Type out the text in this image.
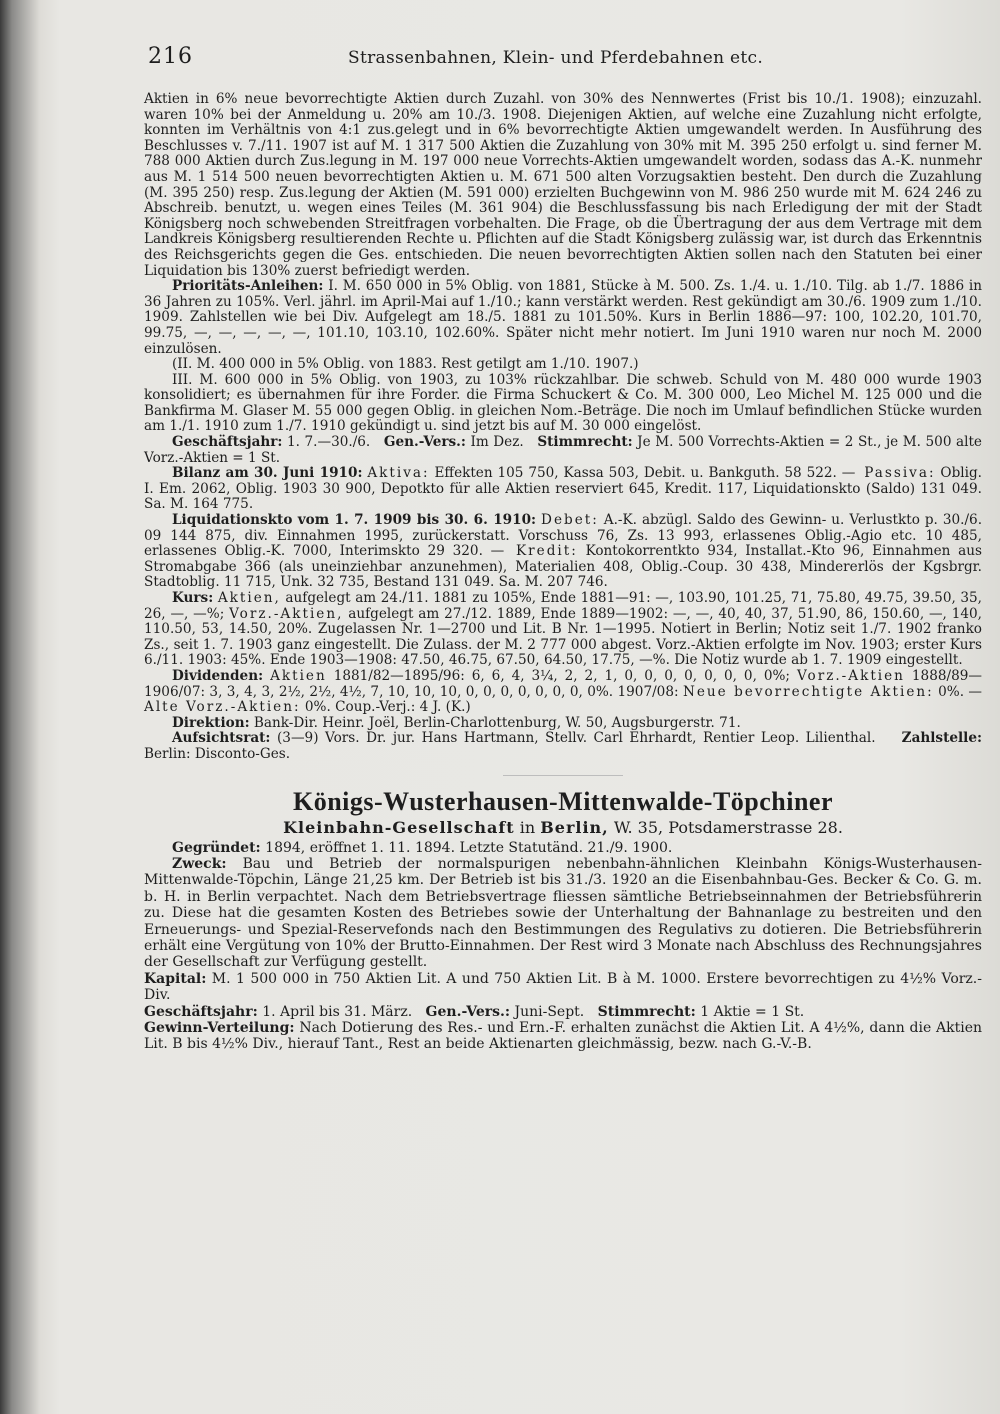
216	Strassenbahnen, Klein- und Pferdebahnen etc.

Aktien in 6% neue bevorrechtigte Aktien durch Zuzahl. von 30% des Nennwertes (Frist bis 10./1. 1908); einzuzahl. waren 10% bei der Anmeldung u. 20% am 10./3. 1908. Diejenigen Aktien, auf welche eine Zuzahlung nicht erfolgte, konnten im Verhältnis von 4:1 zus.gelegt und in 6% bevorrechtigte Aktien umgewandelt werden. In Ausführung des Beschlusses v. 7./11. 1907 ist auf M. 1 317 500 Aktien die Zuzahlung von 30% mit M. 395 250 erfolgt u. sind ferner M. 788 000 Aktien durch Zus.legung in M. 197 000 neue Vorrechts-Aktien umgewandelt worden, sodass das A.-K. nunmehr aus M. 1 514 500 neuen bevorrechtigten Aktien u. M. 671 500 alten Vorzugsaktien besteht. Den durch die Zuzahlung (M. 395 250) resp. Zus.legung der Aktien (M. 591 000) erzielten Buchgewinn von M. 986 250 wurde mit M. 624 246 zu Abschreib. benutzt, u. wegen eines Teiles (M. 361 904) die Beschlussfassung bis nach Erledigung der mit der Stadt Königsberg noch schwebenden Streitfragen vorbehalten. Die Frage, ob die Übertragung der aus dem Vertrage mit dem Landkreis Königsberg resultierenden Rechte u. Pflichten auf die Stadt Königsberg zulässig war, ist durch das Erkenntnis des Reichsgerichts gegen die Ges. entschieden. Die neuen bevorrechtigten Aktien sollen nach den Statuten bei einer Liquidation bis 130% zuerst befriedigt werden.

Prioritäts-Anleihen: I. M. 650 000 in 5% Oblig. von 1881, Stücke à M. 500. Zs. 1./4. u. 1./10. Tilg. ab 1./7. 1886 in 36 Jahren zu 105%. Verl. jährl. im April-Mai auf 1./10.; kann verstärkt werden. Rest gekündigt am 30./6. 1909 zum 1./10. 1909. Zahlstellen wie bei Div. Aufgelegt am 18./5. 1881 zu 101.50%. Kurs in Berlin 1886—97: 100, 102.20, 101.70, 99.75, —, —, —, —, —, 101.10, 103.10, 102.60%. Später nicht mehr notiert. Im Juni 1910 waren nur noch M. 2000 einzulösen.

(II. M. 400 000 in 5% Oblig. von 1883. Rest getilgt am 1./10. 1907.)

III. M. 600 000 in 5% Oblig. von 1903, zu 103% rückzahlbar. Die schweb. Schuld von M. 480 000 wurde 1903 konsolidiert; es übernahmen für ihre Forder. die Firma Schuckert & Co. M. 300 000, Leo Michel M. 125 000 und die Bankfirma M. Glaser M. 55 000 gegen Oblig. in gleichen Nom.-Beträge. Die noch im Umlauf befindlichen Stücke wurden am 1./1. 1910 zum 1./7. 1910 gekündigt u. sind jetzt bis auf M. 30 000 eingelöst.

Geschäftsjahr: 1. 7.—30./6. Gen.-Vers.: Im Dez. Stimmrecht: Je M. 500 Vorrechts-Aktien = 2 St., je M. 500 alte Vorz.-Aktien = 1 St.

Bilanz am 30. Juni 1910: Aktiva: Effekten 105 750, Kassa 503, Debit. u. Bankguth. 58 522. — Passiva: Oblig. I. Em. 2062, Oblig. 1903 30 900, Depotkto für alle Aktien reserviert 645, Kredit. 117, Liquidationskto (Saldo) 131 049. Sa. M. 164 775.

Liquidationskto vom 1. 7. 1909 bis 30. 6. 1910: Debet: A.-K. abzügl. Saldo des Gewinn- u. Verlustkto p. 30./6. 09 144 875, div. Einnahmen 1995, zurückerstatt. Vorschuss 76, Zs. 13 993, erlassenes Oblig.-Agio etc. 10 485, erlassenes Oblig.-K. 7000, Interimskto 29 320. — Kredit: Kontokorrentkto 934, Installat.-Kto 96, Einnahmen aus Stromabgabe 366 (als uneinziehbar anzunehmen), Materialien 408, Oblig.-Coup. 30 438, Mindererlös der Kgsbrgr. Stadtoblig. 11 715, Unk. 32 735, Bestand 131 049. Sa. M. 207 746.

Kurs: Aktien, aufgelegt am 24./11. 1881 zu 105%, Ende 1881—91: —, 103.90, 101.25, 71, 75.80, 49.75, 39.50, 35, 26, —, —%; Vorz.-Aktien, aufgelegt am 27./12. 1889, Ende 1889—1902: —, —, 40, 40, 37, 51.90, 86, 150.60, —, 140, 110.50, 53, 14.50, 20%. Zugelassen Nr. 1—2700 und Lit. B Nr. 1—1995. Notiert in Berlin; Notiz seit 1./7. 1902 franko Zs., seit 1. 7. 1903 ganz eingestellt. Die Zulass. der M. 2 777 000 abgest. Vorz.-Aktien erfolgte im Nov. 1903; erster Kurs 6./11. 1903: 45%. Ende 1903—1908: 47.50, 46.75, 67.50, 64.50, 17.75, —%. Die Notiz wurde ab 1. 7. 1909 eingestellt.

Dividenden: Aktien 1881/82—1895/96: 6, 6, 4, 3¼, 2, 2, 1, 0, 0, 0, 0, 0, 0, 0, 0%; Vorz.-Aktien 1888/89—1906/07: 3, 3, 4, 3, 2½, 2½, 4½, 7, 10, 10, 10, 0, 0, 0, 0, 0, 0, 0, 0%. 1907/08: Neue bevorrechtigte Aktien: 0%. — Alte Vorz.-Aktien: 0%. Coup.-Verj.: 4 J. (K.)

Direktion: Bank-Dir. Heinr. Joël, Berlin-Charlottenburg, W. 50, Augsburgerstr. 71.

Aufsichtsrat: (3—9) Vors. Dr. jur. Hans Hartmann, Stellv. Carl Ehrhardt, Rentier Leop. Lilienthal. Zahlstelle: Berlin: Disconto-Ges.

Königs-Wusterhausen-Mittenwalde-Töpchiner
Kleinbahn-Gesellschaft in Berlin, W. 35, Potsdamerstrasse 28.

Gegründet: 1894, eröffnet 1. 11. 1894. Letzte Statutänd. 21./9. 1900.

Zweck: Bau und Betrieb der normalspurigen nebenbahn-ähnlichen Kleinbahn Königs-Wusterhausen-Mittenwalde-Töpchin, Länge 21,25 km. Der Betrieb ist bis 31./3. 1920 an die Eisenbahnbau-Ges. Becker & Co. G. m. b. H. in Berlin verpachtet. Nach dem Betriebsvertrage fliessen sämtliche Betriebseinnahmen der Betriebsführerin zu. Diese hat die gesamten Kosten des Betriebes sowie der Unterhaltung der Bahnanlage zu bestreiten und den Erneuerungs- und Spezial-Reservefonds nach den Bestimmungen des Regulativs zu dotieren. Die Betriebsführerin erhält eine Vergütung von 10% der Brutto-Einnahmen. Der Rest wird 3 Monate nach Abschluss des Rechnungsjahres der Gesellschaft zur Verfügung gestellt.

Kapital: M. 1 500 000 in 750 Aktien Lit. A und 750 Aktien Lit. B à M. 1000. Erstere bevorrechtigen zu 4½% Vorz.-Div.

Geschäftsjahr: 1. April bis 31. März. Gen.-Vers.: Juni-Sept. Stimmrecht: 1 Aktie = 1 St.

Gewinn-Verteilung: Nach Dotierung des Res.- und Ern.-F. erhalten zunächst die Aktien Lit. A 4½%, dann die Aktien Lit. B bis 4½% Div., hierauf Tant., Rest an beide Aktienarten gleichmässig, bezw. nach G.-V.-B.
